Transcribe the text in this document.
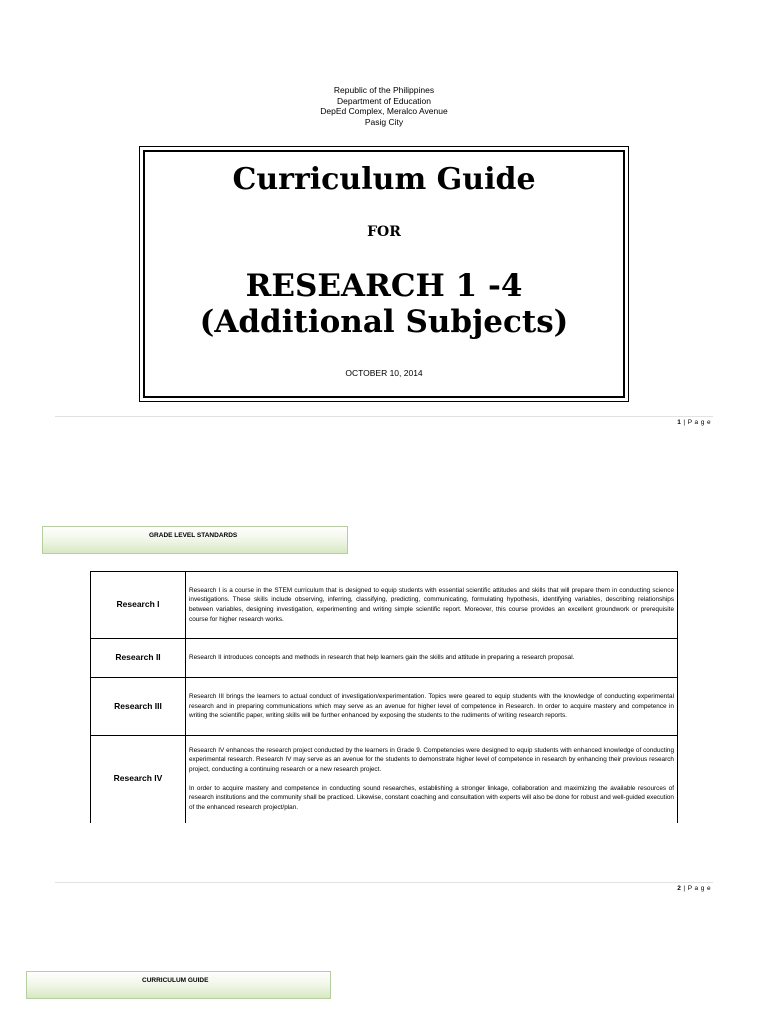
Republic of the Philippines
Department of Education
DepEd Complex, Meralco Avenue
Pasig City
Curriculum Guide
FOR
RESEARCH 1 -4
(Additional Subjects)
OCTOBER 10, 2014
1 | P a g e
GRADE LEVEL STANDARDS
Research I	Research I is a course in the STEM curriculum that is designed to equip students with essential scientific attitudes and skills that will prepare them in conducting science investigations. These skills include observing, inferring, classifying, predicting, communicating, formulating hypothesis, identifying variables, describing relationships between variables, designing investigation, experimenting and writing simple scientific report. Moreover, this course provides an excellent groundwork or prerequisite course for higher research works.

Research II	Research II introduces concepts and methods in research that help learners gain the skills and attitude in preparing a research proposal.

Research III	Research III brings the learners to actual conduct of investigation/experimentation. Topics were geared to equip students with the knowledge of conducting experimental research and in preparing communications which may serve as an avenue for higher level of competence in Research. In order to acquire mastery and competence in writing the scientific paper, writing skills will be further enhanced by exposing the students to the rudiments of writing research reports.

Research IV	Research IV enhances the research project conducted by the learners in Grade 9. Competencies were designed to equip students with enhanced knowledge of conducting experimental research. Research IV may serve as an avenue for the students to demonstrate higher level of competence in research by enhancing their previous research project, conducting a continuing research or a new research project.

In order to acquire mastery and competence in conducting sound researches, establishing a stronger linkage, collaboration and maximizing the available resources of research institutions and the community shall be practiced. Likewise, constant coaching and consultation with experts will also be done for robust and well-guided execution of the enhanced research project/plan.

2 | P a g e
CURRICULUM GUIDE
